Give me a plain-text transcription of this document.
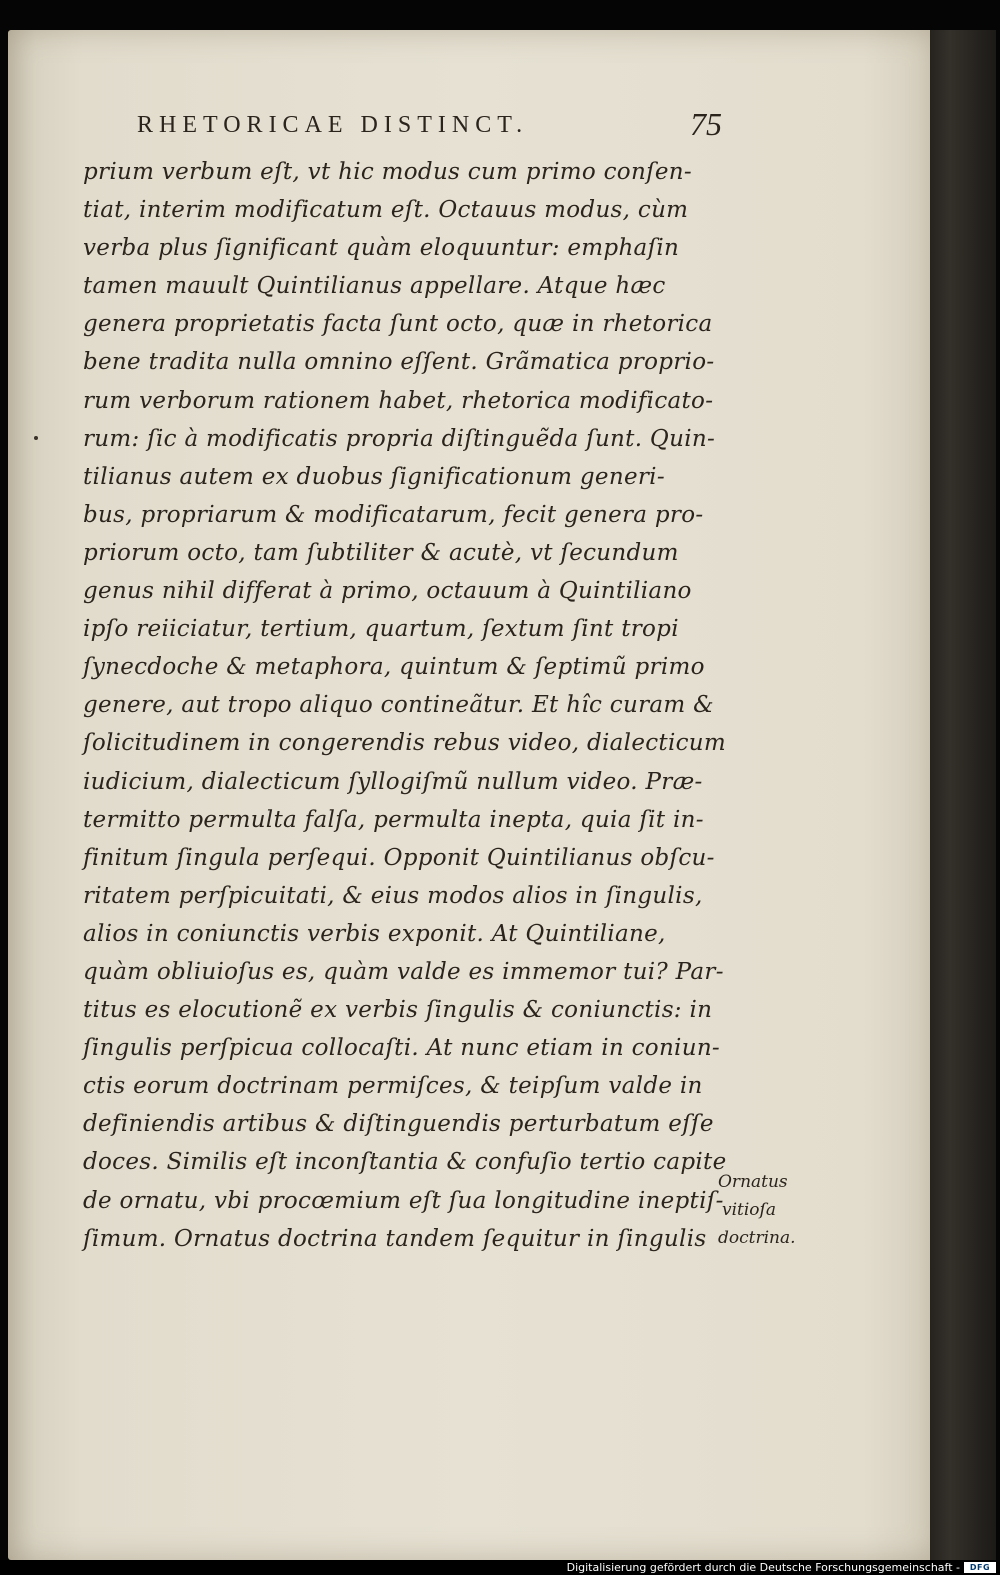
RHETORICAE DISTINCT.	75
prium verbum eſt, vt hic modus cum primo conſen-
tiat, interim modificatum eſt. Octauus modus, cùm
verba plus ſignificant quàm eloquuntur: emphaſin
tamen mauult Quintilianus appellare. Atque hæc
genera proprietatis facta ſunt octo, quæ in rhetorica
bene tradita nulla omnino eſſent. Grãmatica proprio-
rum verborum rationem habet, rhetorica modificato-
rum: ſic à modificatis propria diſtinguẽda ſunt. Quin-
tilianus autem ex duobus ſignificationum generi-
bus, propriarum & modificatarum, fecit genera pro-
priorum octo, tam ſubtiliter & acutè, vt ſecundum
genus nihil differat à primo, octauum à Quintiliano
ipſo reiiciatur, tertium, quartum, ſextum ſint tropi
ſynecdoche & metaphora, quintum & ſeptimũ primo
genere, aut tropo aliquo contineãtur. Et hîc curam &
ſolicitudinem in congerendis rebus video, dialecticum
iudicium, dialecticum ſyllogiſmũ nullum video. Præ-
termitto permulta falſa, permulta inepta, quia ſit in-
finitum ſingula perſequi. Opponit Quintilianus obſcu-
ritatem perſpicuitati, & eius modos alios in ſingulis,
alios in coniunctis verbis exponit. At Quintiliane,
quàm obliuioſus es, quàm valde es immemor tui? Par-
titus es elocutionẽ ex verbis ſingulis & coniunctis: in
ſingulis perſpicua collocaſti. At nunc etiam in coniun-
ctis eorum doctrinam permiſces, & teipſum valde in
definiendis artibus & diſtinguendis perturbatum eſſe
doces. Similis eſt inconſtantia & confuſio tertio capite
de ornatu, vbi procœmium eſt ſua longitudine ineptiſ-
ſimum. Ornatus doctrina tandem ſequitur in ſingulis
Ornatus
vitioſa
doctrina.
Digitalisierung gefördert durch die Deutsche Forschungsgemeinschaft -	DFG
